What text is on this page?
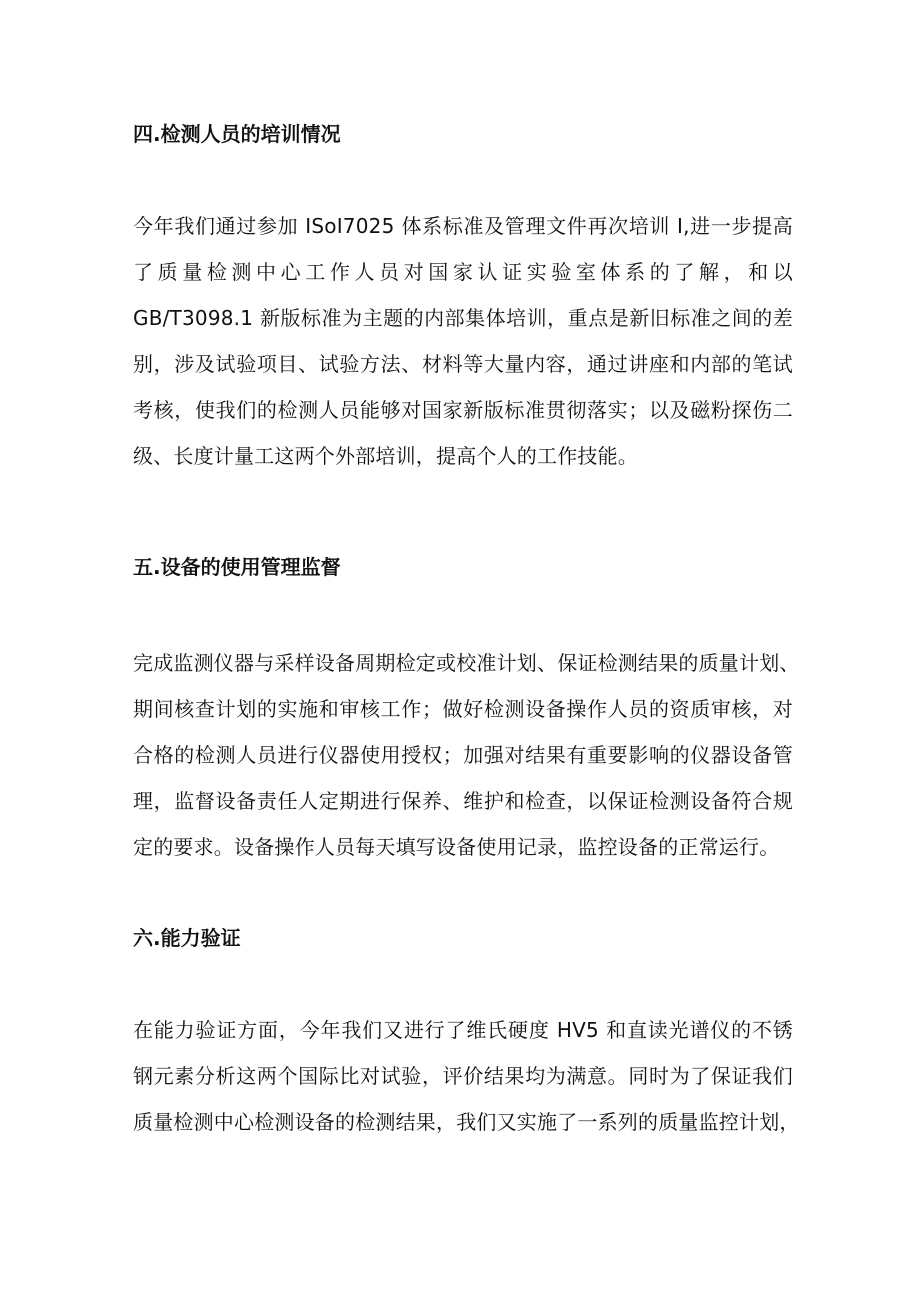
四.检测人员的培训情况
今年我们通过参加 ISoI7025 体系标准及管理文件再次培训 I,进一步提高
了质量检测中心工作人员对国家认证实验室体系的了解，和以
GB/T3098.1 新版标准为主题的内部集体培训，重点是新旧标准之间的差
别，涉及试验项目、试验方法、材料等大量内容，通过讲座和内部的笔试
考核，使我们的检测人员能够对国家新版标准贯彻落实；以及磁粉探伤二
级、长度计量工这两个外部培训，提高个人的工作技能。
五.设备的使用管理监督
完成监测仪器与采样设备周期检定或校准计划、保证检测结果的质量计划、
期间核查计划的实施和审核工作；做好检测设备操作人员的资质审核，对
合格的检测人员进行仪器使用授权；加强对结果有重要影响的仪器设备管
理，监督设备责任人定期进行保养、维护和检查，以保证检测设备符合规
定的要求。设备操作人员每天填写设备使用记录，监控设备的正常运行。
六.能力验证
在能力验证方面，今年我们又进行了维氏硬度 HV5 和直读光谱仪的不锈
钢元素分析这两个国际比对试验，评价结果均为满意。同时为了保证我们
质量检测中心检测设备的检测结果，我们又实施了一系列的质量监控计划，
